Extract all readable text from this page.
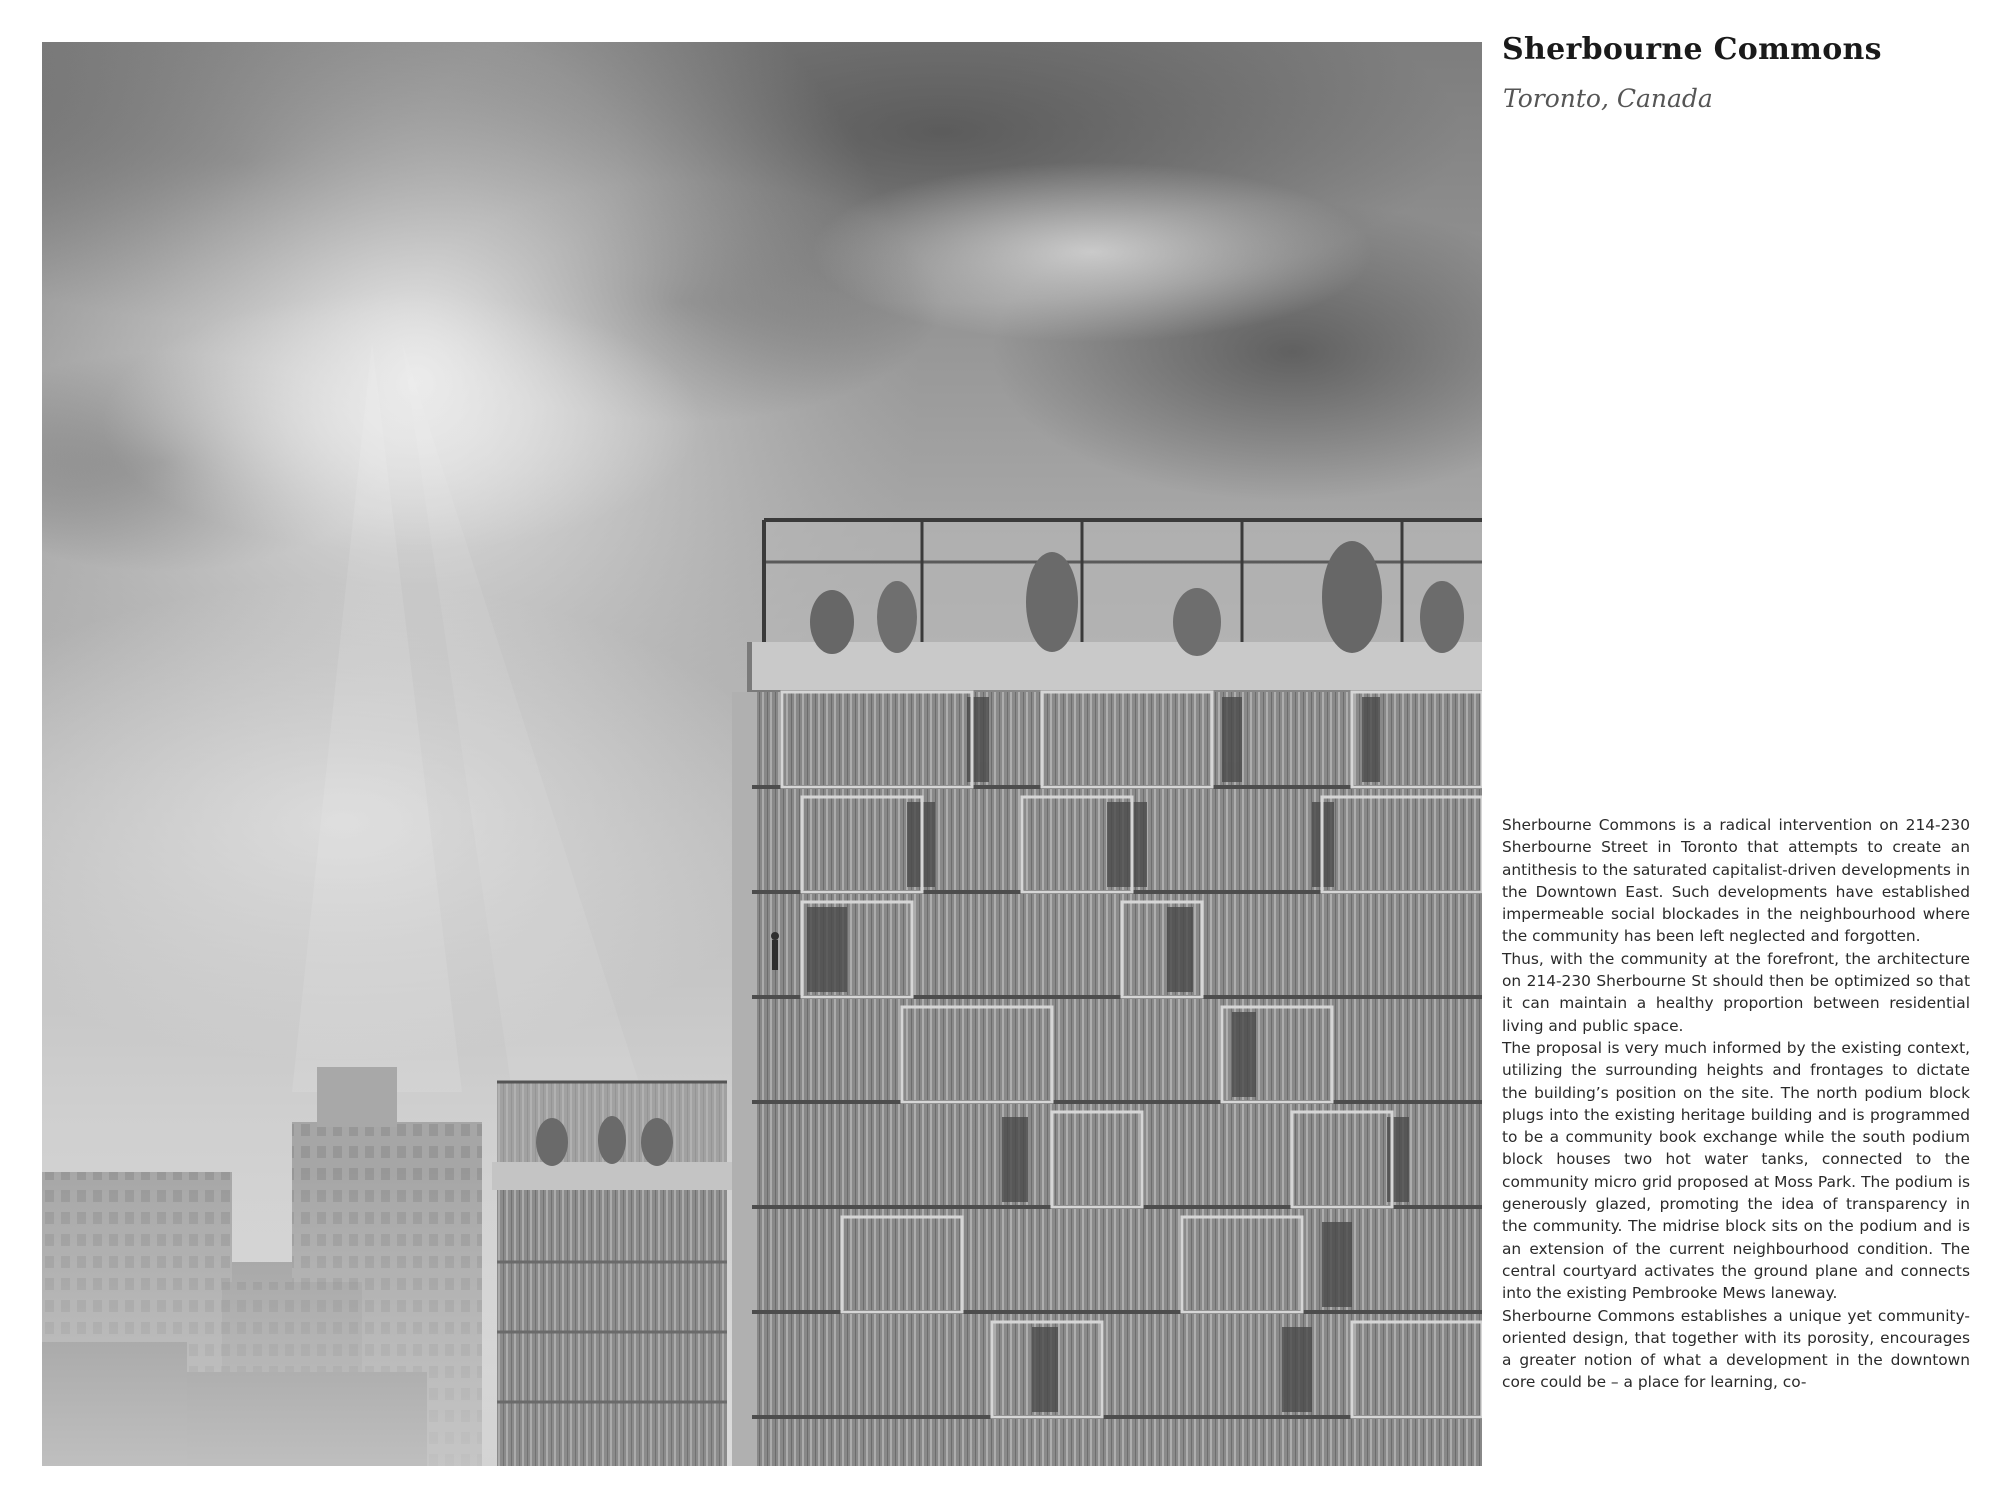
Sherbourne Commons
Toronto, Canada

Sherbourne Commons is a radical intervention on 214-230 Sherbourne Street in Toronto that attempts to create an antithesis to the saturated capitalist-driven developments in the Downtown East. Such developments have established impermeable social blockades in the neighbourhood where the community has been left neglected and forgotten.

Thus, with the community at the forefront, the architecture on 214-230 Sherbourne St should then be optimized so that it can maintain a healthy proportion between residential living and public space.

The proposal is very much informed by the existing context, utilizing the surrounding heights and frontages to dictate the building’s position on the site. The north podium block plugs into the existing heritage building and is programmed to be a community book exchange while the south podium block houses two hot water tanks, connected to the community micro grid proposed at Moss Park. The podium is generously glazed, promoting the idea of transparency in the community. The midrise block sits on the podium and is an extension of the current neighbourhood condition. The central courtyard activates the ground plane and connects into the existing Pembrooke Mews laneway.

Sherbourne Commons establishes a unique yet community-oriented design, that together with its porosity, encourages a greater notion of what a development in the downtown core could be – a place for learning, co-
